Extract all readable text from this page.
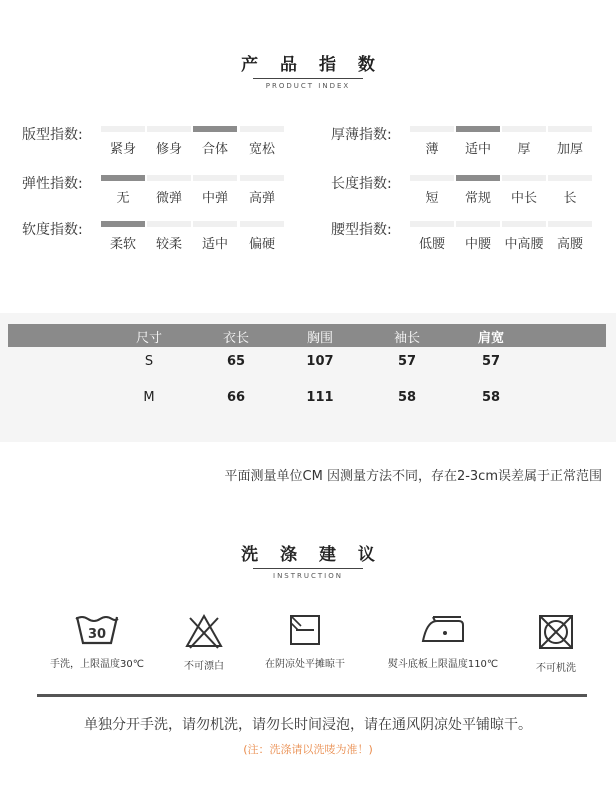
产 品 指 数
PRODUCT INDEX
版型指数:
紧身	修身	合体	宽松
弹性指数:
无	微弹	中弹	高弹
软度指数:
柔软	较柔	适中	偏硬
厚薄指数:
薄	适中	厚	加厚
长度指数:
短	常规	中长	长
腰型指数:
低腰	中腰	中高腰	高腰
尺寸	衣长	胸围	袖长	肩宽
S	65	107	57	57
M	66	111	58	58
平面测量单位CM 因测量方法不同，存在2-3cm误差属于正常范围
洗 涤 建 议
INSTRUCTION
30
手洗，上限温度30℃	不可漂白	在阴凉处平摊晾干	熨斗底板上限温度110℃	不可机洗
单独分开手洗，请勿机洗，请勿长时间浸泡，请在通风阴凉处平铺晾干。
(注：洗涤请以洗唛为准！)
